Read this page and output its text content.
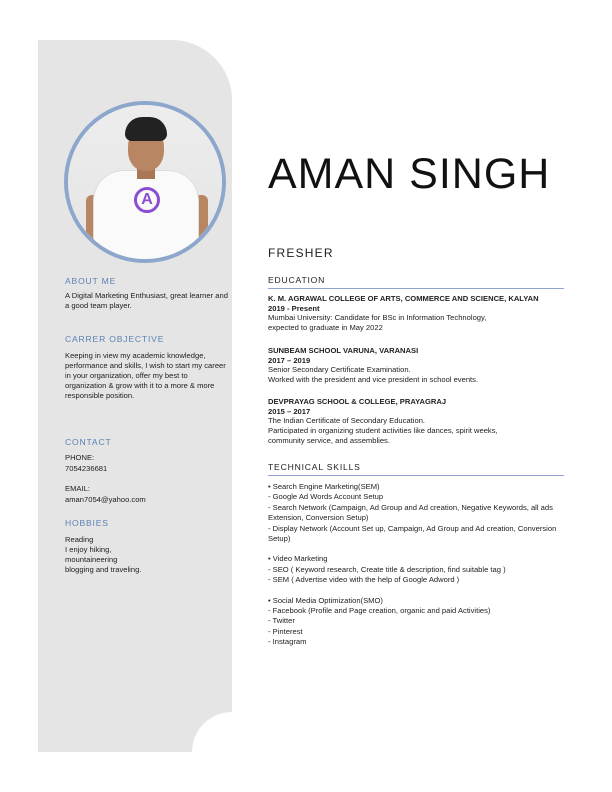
A
ABOUT ME
A Digital Marketing Enthusiast, great learner and a good team player.
CARRER OBJECTIVE
Keeping in view my academic knowledge, performance and skills, I wish to start my career in your organization, offer my best to organization & grow with it to a more & more responsible position.
CONTACT
PHONE:
7054236681
EMAIL:
aman7054@yahoo.com
HOBBIES
Reading
I enjoy hiking,
mountaineering
blogging and traveling.
AMAN SINGH
FRESHER
EDUCATION
K. M. AGRAWAL COLLEGE OF ARTS, COMMERCE AND SCIENCE, KALYAN
2019 - Present
Mumbai University: Candidate for BSc in Information Technology,
expected to graduate in May 2022
SUNBEAM SCHOOL VARUNA, VARANASI
2017 – 2019
Senior Secondary Certificate Examination.
Worked with the president and vice president in school events.
DEVPRAYAG SCHOOL & COLLEGE, PRAYAGRAJ
2015 – 2017
The Indian Certificate of Secondary Education.
Participated in organizing student activities like dances, spirit weeks,
community service, and assemblies.
TECHNICAL SKILLS
• Search Engine Marketing(SEM)
- Google Ad Words Account Setup
- Search Network (Campaign, Ad Group and Ad creation, Negative Keywords, all ads Extension, Conversion Setup)
- Display Network (Account Set up, Campaign, Ad Group and Ad creation, Conversion Setup)
• Video Marketing
- SEO ( Keyword research, Create title & description, find suitable tag )
- SEM ( Advertise video with the help of Google Adword )
• Social Media Optimization(SMO)
- Facebook (Profile and Page creation, organic and paid Activities)
- Twitter
- Pinterest
- Instagram
